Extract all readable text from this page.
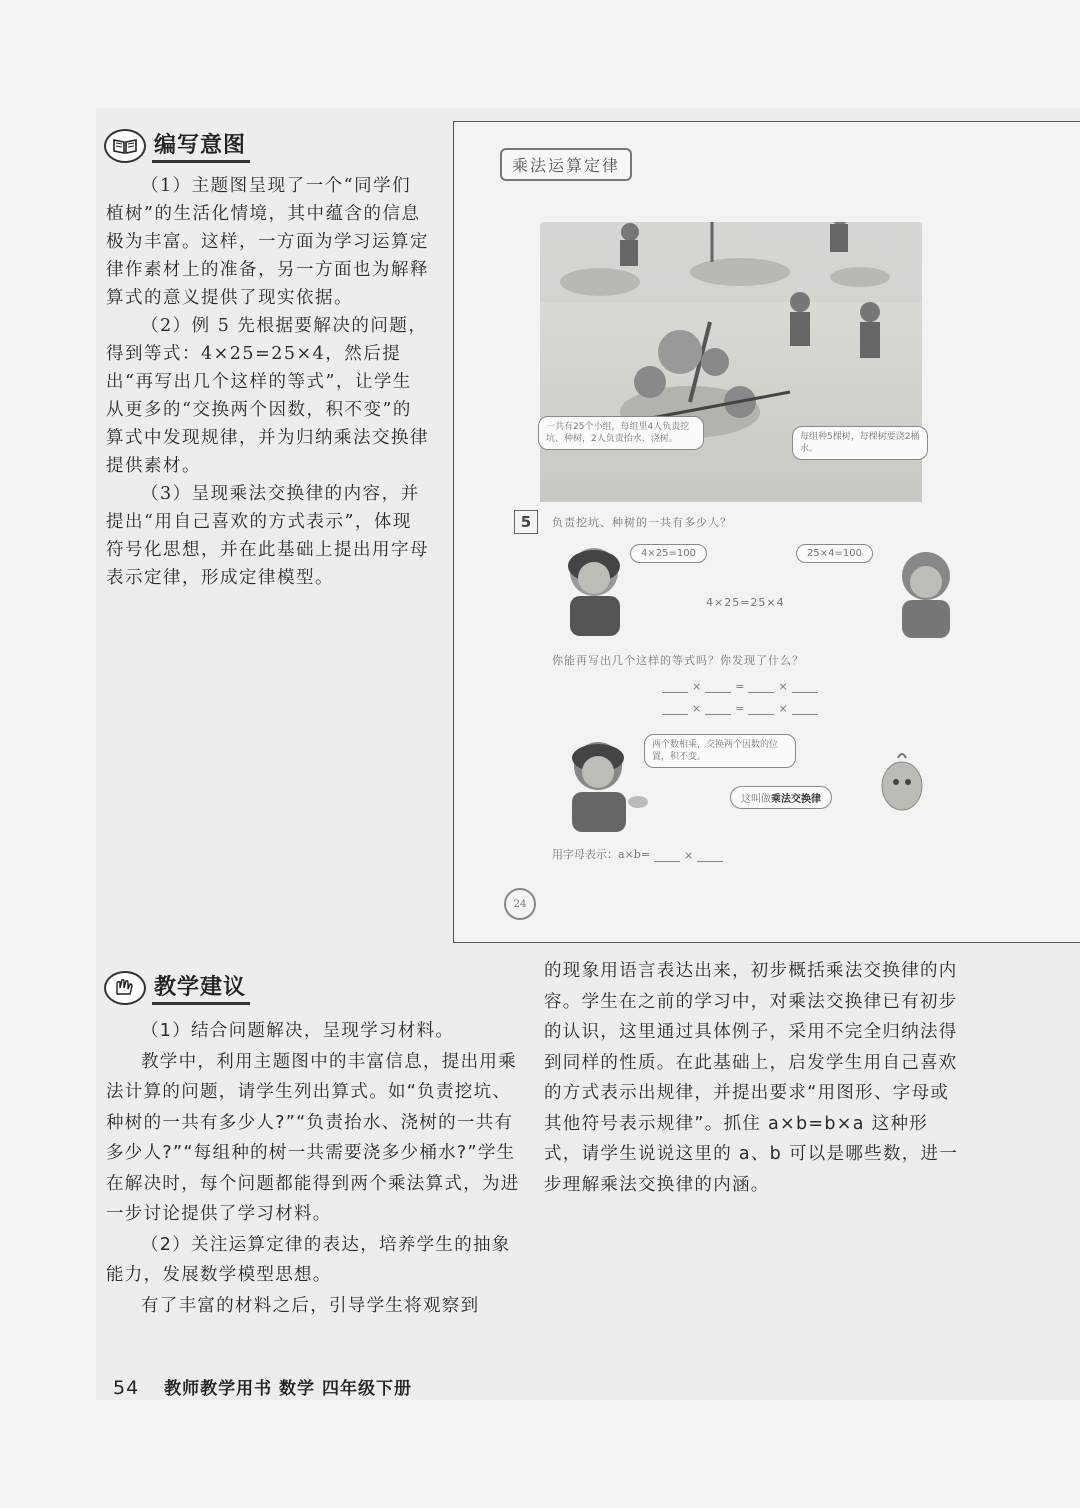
编写意图

（1）主题图呈现了一个“同学们植树”的生活化情境，其中蕴含的信息极为丰富。这样，一方面为学习运算定律作素材上的准备，另一方面也为解释算式的意义提供了现实依据。

（2）例 5 先根据要解决的问题，得到等式：4×25=25×4，然后提出“再写出几个这样的等式”，让学生从更多的“交换两个因数，积不变”的算式中发现规律，并为归纳乘法交换律提供素材。

（3）呈现乘法交换律的内容，并提出“用自己喜欢的方式表示”，体现符号化思想，并在此基础上提出用字母表示定律，形成定律模型。

乘法运算定律
一共有25个小组，每组里4人负责挖坑、种树，2人负责抬水、浇树。	每组种5棵树，每棵树要浇2桶水。
5	负责挖坑、种树的一共有多少人？
4×25=100	25×4=100
4×25=25×4
你能再写出几个这样的等式吗？你发现了什么？
×	=	×
×	=	×
两个数相乘，交换两个因数的位置，积不变。
这叫做乘法交换律
用字母表示：a×b=	×
24
教学建议

（1）结合问题解决，呈现学习材料。

教学中，利用主题图中的丰富信息，提出用乘法计算的问题，请学生列出算式。如“负责挖坑、种树的一共有多少人?”“负责抬水、浇树的一共有多少人?”“每组种的树一共需要浇多少桶水?”学生在解决时，每个问题都能得到两个乘法算式，为进一步讨论提供了学习材料。

（2）关注运算定律的表达，培养学生的抽象能力，发展数学模型思想。

有了丰富的材料之后，引导学生将观察到

的现象用语言表达出来，初步概括乘法交换律的内容。学生在之前的学习中，对乘法交换律已有初步的认识，这里通过具体例子，采用不完全归纳法得到同样的性质。在此基础上，启发学生用自己喜欢的方式表示出规律，并提出要求“用图形、字母或其他符号表示规律”。抓住 a×b=b×a 这种形式，请学生说说这里的 a、b 可以是哪些数，进一步理解乘法交换律的内涵。

54 教师教学用书 数学 四年级下册
